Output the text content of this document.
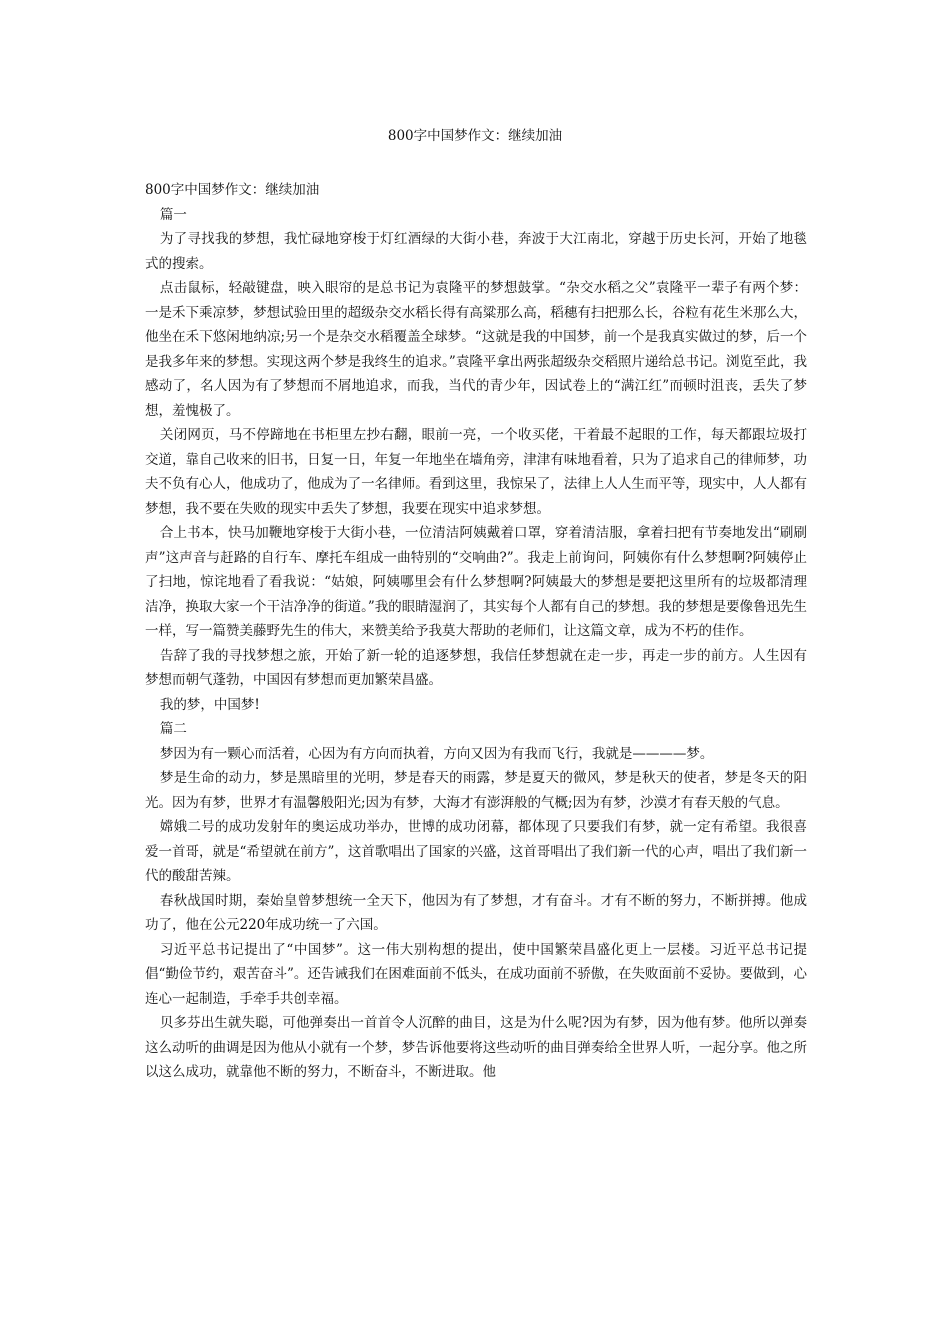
800字中国梦作文：继续加油

800字中国梦作文：继续加油

篇一

为了寻找我的梦想，我忙碌地穿梭于灯红酒绿的大街小巷，奔波于大江南北，穿越于历史长河，开始了地毯式的搜索。

点击鼠标，轻敲键盘，映入眼帘的是总书记为袁隆平的梦想鼓掌。“杂交水稻之父”袁隆平一辈子有两个梦：一是禾下乘凉梦，梦想试验田里的超级杂交水稻长得有高粱那么高，稻穗有扫把那么长，谷粒有花生米那么大，他坐在禾下悠闲地纳凉;另一个是杂交水稻覆盖全球梦。“这就是我的中国梦，前一个是我真实做过的梦，后一个是我多年来的梦想。实现这两个梦是我终生的追求。”袁隆平拿出两张超级杂交稻照片递给总书记。浏览至此，我感动了，名人因为有了梦想而不屑地追求，而我，当代的青少年，因试卷上的“满江红”而顿时沮丧，丢失了梦想，羞愧极了。

关闭网页，马不停蹄地在书柜里左抄右翻，眼前一亮，一个收买佬，干着最不起眼的工作，每天都跟垃圾打交道，靠自己收来的旧书，日复一日，年复一年地坐在墙角旁，津津有味地看着，只为了追求自己的律师梦，功夫不负有心人，他成功了，他成为了一名律师。看到这里，我惊呆了，法律上人人生而平等，现实中，人人都有梦想，我不要在失败的现实中丢失了梦想，我要在现实中追求梦想。

合上书本，快马加鞭地穿梭于大街小巷，一位清洁阿姨戴着口罩，穿着清洁服，拿着扫把有节奏地发出“刷刷声”这声音与赶路的自行车、摩托车组成一曲特别的“交响曲?”。我走上前询问，阿姨你有什么梦想啊?阿姨停止了扫地，惊诧地看了看我说：“姑娘，阿姨哪里会有什么梦想啊?阿姨最大的梦想是要把这里所有的垃圾都清理洁净，换取大家一个干洁净净的街道。”我的眼睛湿润了，其实每个人都有自己的梦想。我的梦想是要像鲁迅先生一样，写一篇赞美藤野先生的伟大，来赞美给予我莫大帮助的老师们，让这篇文章，成为不朽的佳作。

告辞了我的寻找梦想之旅，开始了新一轮的追逐梦想，我信任梦想就在走一步，再走一步的前方。人生因有梦想而朝气蓬勃，中国因有梦想而更加繁荣昌盛。

我的梦，中国梦!

篇二

梦因为有一颗心而活着，心因为有方向而执着，方向又因为有我而飞行，我就是————梦。

梦是生命的动力，梦是黑暗里的光明，梦是春天的雨露，梦是夏天的微风，梦是秋天的使者，梦是冬天的阳光。因为有梦，世界才有温馨般阳光;因为有梦，大海才有澎湃般的气概;因为有梦，沙漠才有春天般的气息。

嫦娥二号的成功发射年的奥运成功举办，世博的成功闭幕，都体现了只要我们有梦，就一定有希望。我很喜爱一首哥，就是“希望就在前方”，这首歌唱出了国家的兴盛，这首哥唱出了我们新一代的心声，唱出了我们新一代的酸甜苦辣。

春秋战国时期，秦始皇曾梦想统一全天下，他因为有了梦想，才有奋斗。才有不断的努力，不断拼搏。他成功了，他在公元220年成功统一了六国。

习近平总书记提出了“中国梦”。这一伟大别构想的提出，使中国繁荣昌盛化更上一层楼。习近平总书记提倡“勤俭节约，艰苦奋斗”。还告诫我们在困难面前不低头，在成功面前不骄傲，在失败面前不妥协。要做到，心连心一起制造，手牵手共创幸福。

贝多芬出生就失聪，可他弹奏出一首首令人沉醉的曲目，这是为什么呢?因为有梦，因为他有梦。他所以弹奏这么动听的曲调是因为他从小就有一个梦，梦告诉他要将这些动听的曲目弹奏给全世界人听，一起分享。他之所以这么成功，就靠他不断的努力，不断奋斗，不断进取。他
